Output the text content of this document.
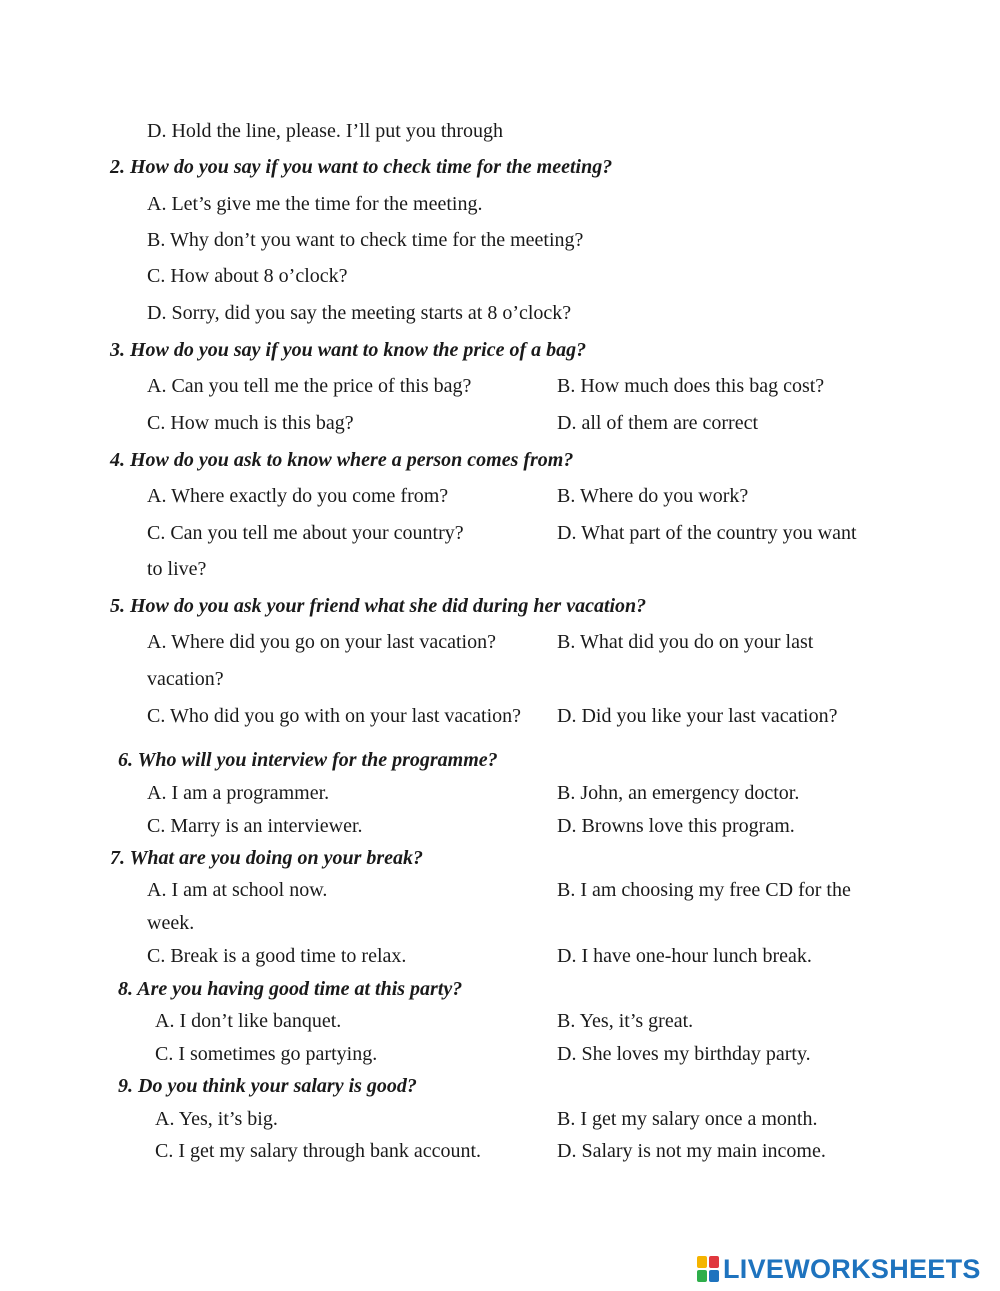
D. Hold the line, please. I’ll put you through
2. How do you say if you want to check time for the meeting?
A. Let’s give me the time for the meeting.
B. Why don’t you want to check time for the meeting?
C. How about 8 o’clock?
D. Sorry, did you say the meeting starts at 8 o’clock?
3. How do you say if you want to know the price of a bag?
A. Can you tell me the price of this bag?	B. How much does this bag cost?
C. How much is this bag?	D. all of them are correct
4. How do you ask to know where a person comes from?
A. Where exactly do you come from?	B. Where do you work?
C. Can you tell me about your country?	D. What part of the country you want
to live?
5. How do you ask your friend what she did during her vacation?
A. Where did you go on your last vacation?	B. What did you do on your last
vacation?
C. Who did you go with on your last vacation? D. Did you like your last vacation?
6. Who will you interview for the programme?
A. I am a programmer.	B. John, an emergency doctor.
C. Marry is an interviewer.	D. Browns love this program.
7. What are you doing on your break?
A. I am at school now.	B. I am choosing my free CD for the
week.
C. Break is a good time to relax.	D. I have one-hour lunch break.
8. Are you having good time at this party?
A. I don’t like banquet.	B. Yes, it’s great.
C. I sometimes go partying.	D. She loves my birthday party.
9. Do you think your salary is good?
A. Yes, it’s big.	B. I get my salary once a month.
C. I get my salary through bank account.	D. Salary is not my main income.
LIVEWORKSHEETS
